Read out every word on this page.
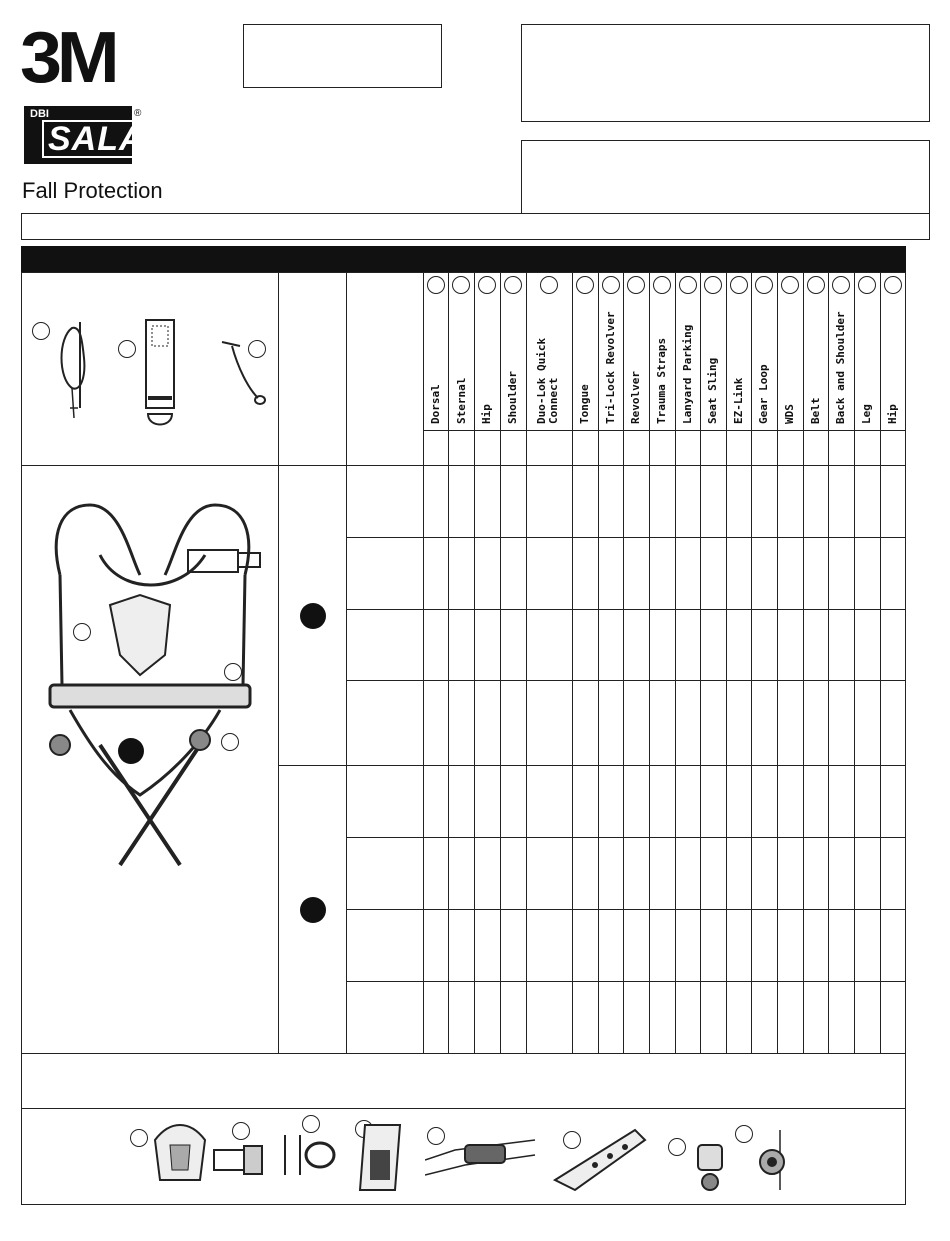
3M
DBI
SALA
®
Fall Protection
Dorsal Sternal Hip Shoulder Duo-Lok Quick Connect Tongue Tri-Lock Revolver Revolver Trauma Straps Lanyard Parking Seat Sling EZ-Link Gear Loop WDS Belt Back and Shoulder Leg Hip
